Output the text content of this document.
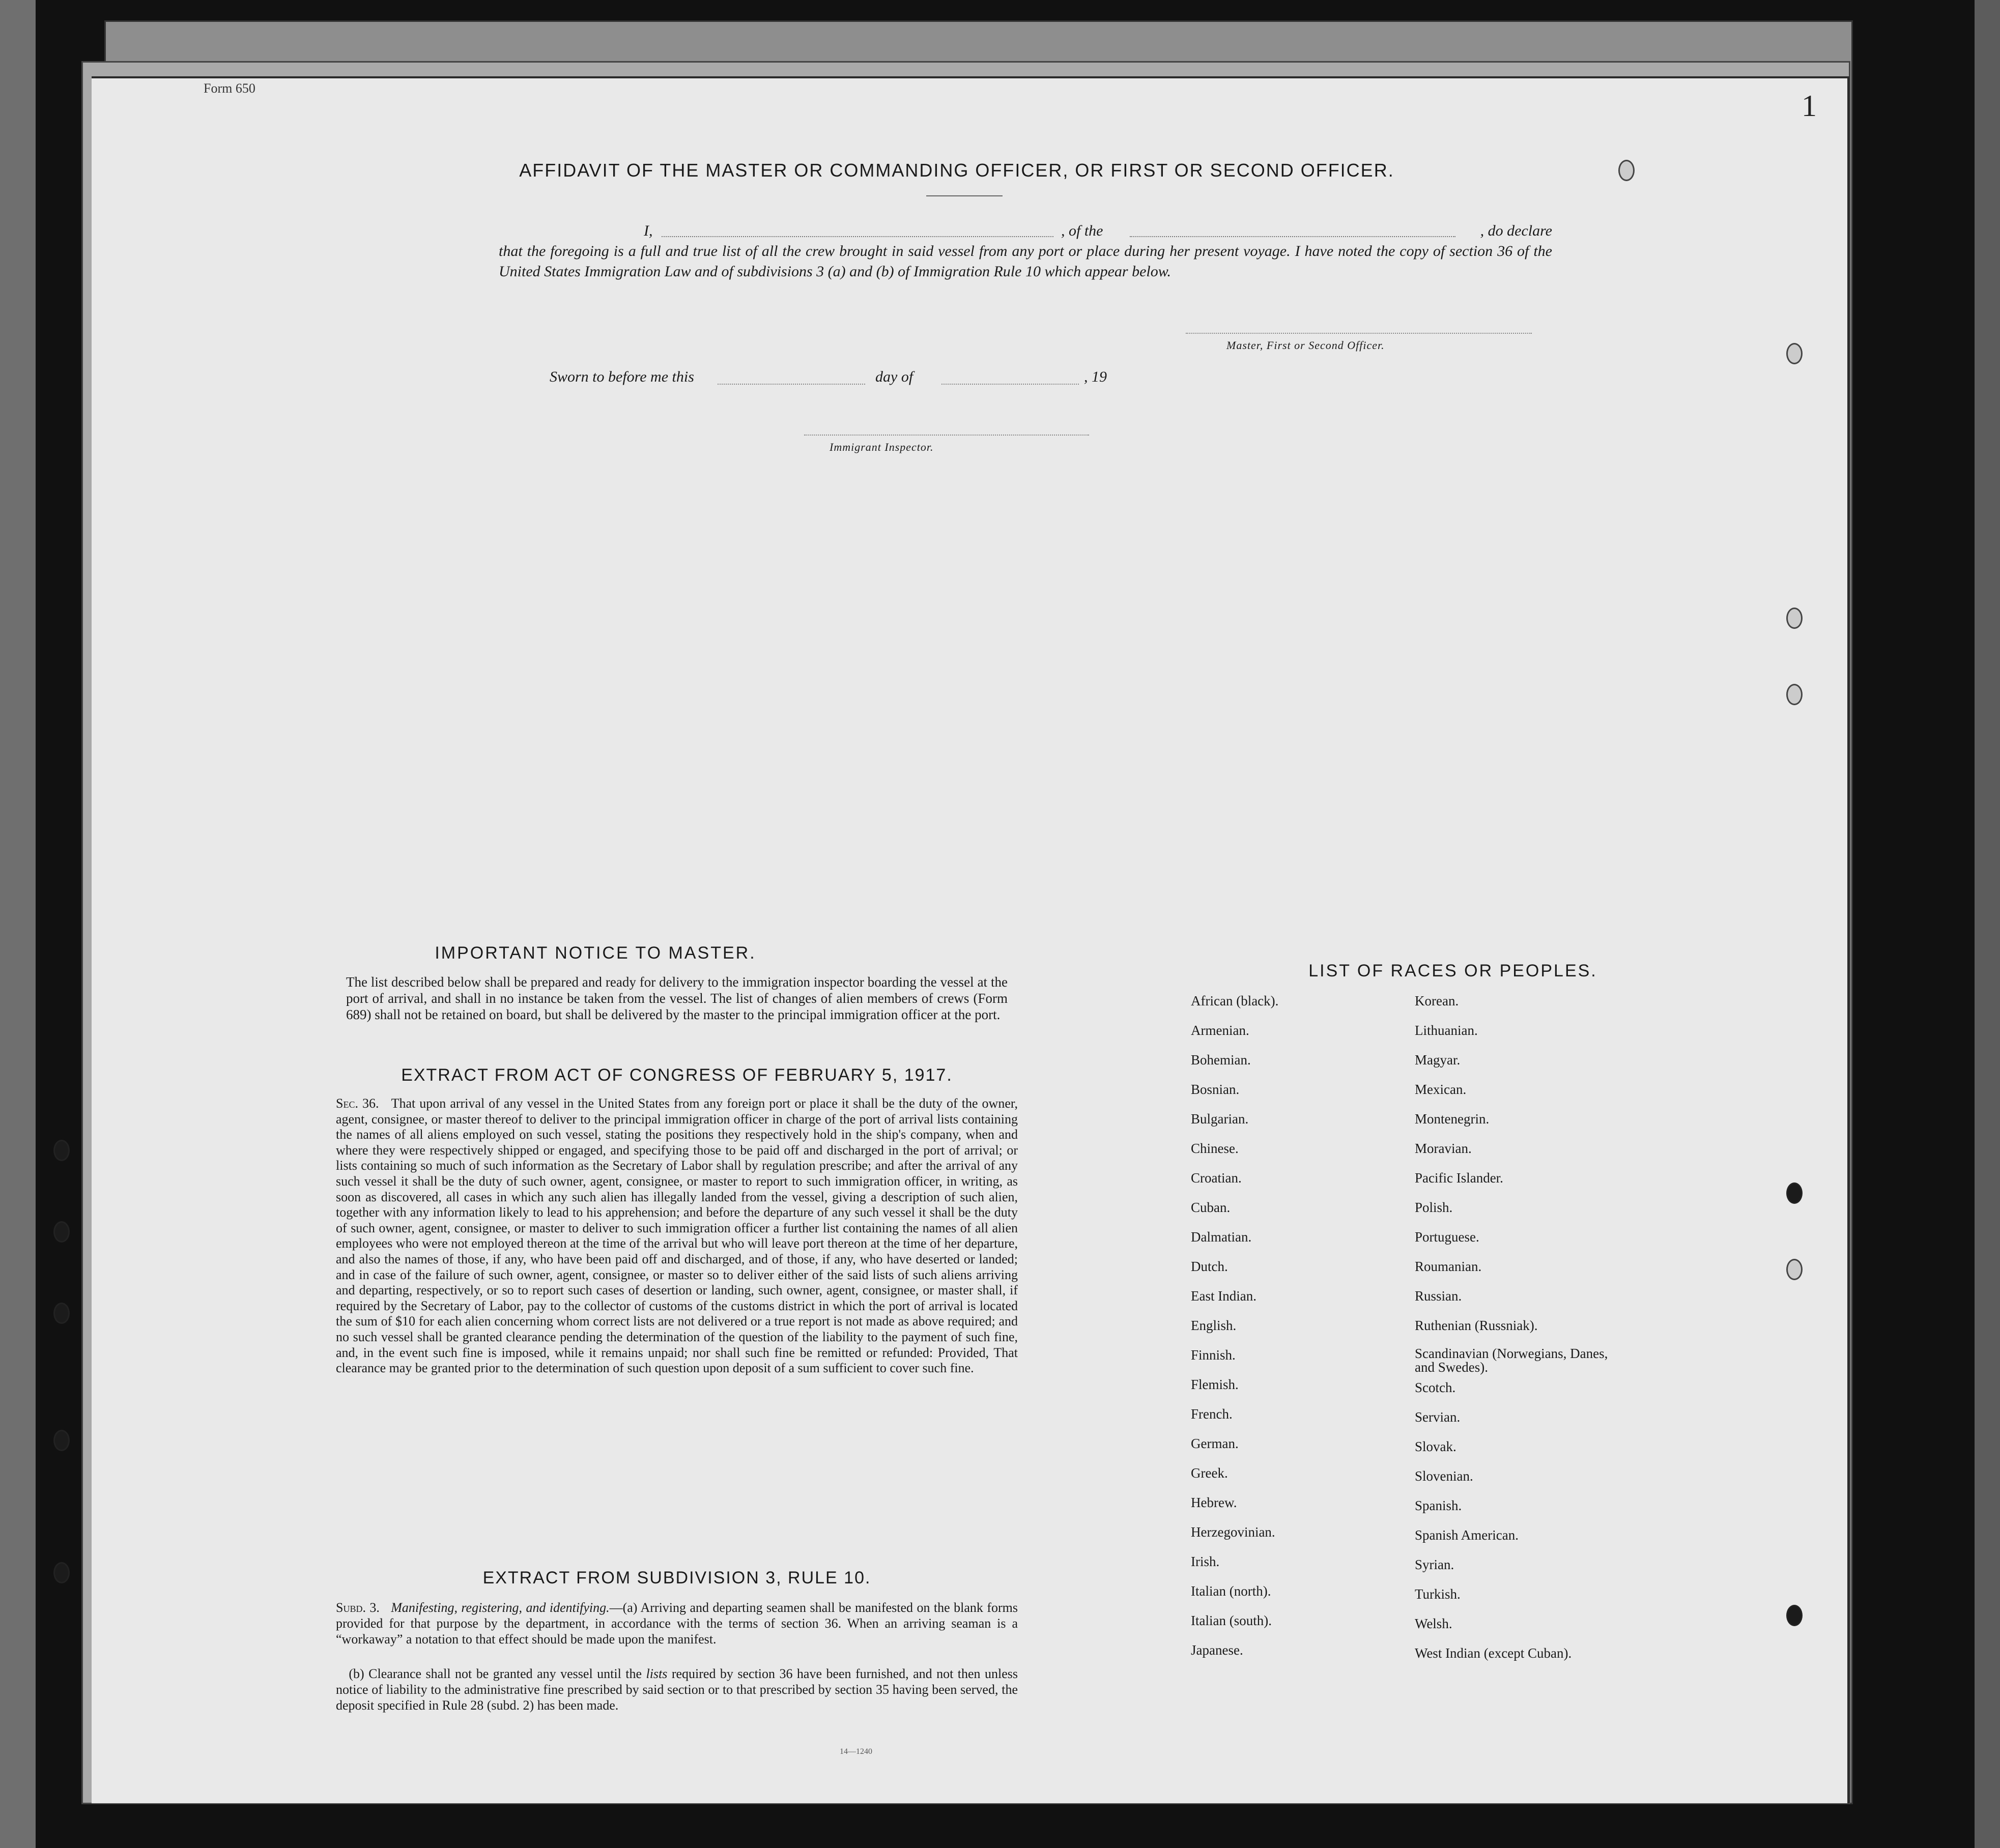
Form 650
1
AFFIDAVIT OF THE MASTER OR COMMANDING OFFICER, OR FIRST OR SECOND OFFICER.
I,	, of the	, do declare
that the foregoing is a full and true list of all the crew brought in said vessel from any port or place during her present voyage. I have noted the copy of section 36 of the United States Immigration Law and of subdivisions 3 (a) and (b) of Immigration Rule 10 which appear below.
Master, First or Second Officer.
Sworn to before me this	day of	, 19
Immigrant Inspector.
IMPORTANT NOTICE TO MASTER.
The list described below shall be prepared and ready for delivery to the immigration inspector boarding the vessel at the port of arrival, and shall in no instance be taken from the vessel. The list of changes of alien members of crews (Form 689) shall not be retained on board, but shall be delivered by the master to the principal immigration officer at the port.
EXTRACT FROM ACT OF CONGRESS OF FEBRUARY 5, 1917.
Sec. 36. That upon arrival of any vessel in the United States from any foreign port or place it shall be the duty of the owner, agent, consignee, or master thereof to deliver to the principal immigration officer in charge of the port of arrival lists containing the names of all aliens employed on such vessel, stating the positions they respectively hold in the ship's company, when and where they were respectively shipped or engaged, and specifying those to be paid off and discharged in the port of arrival; or lists containing so much of such information as the Secretary of Labor shall by regulation prescribe; and after the arrival of any such vessel it shall be the duty of such owner, agent, consignee, or master to report to such immigration officer, in writing, as soon as discovered, all cases in which any such alien has illegally landed from the vessel, giving a description of such alien, together with any information likely to lead to his apprehension; and before the departure of any such vessel it shall be the duty of such owner, agent, consignee, or master to deliver to such immigration officer a further list containing the names of all alien employees who were not employed thereon at the time of the arrival but who will leave port thereon at the time of her departure, and also the names of those, if any, who have been paid off and discharged, and of those, if any, who have deserted or landed; and in case of the failure of such owner, agent, consignee, or master so to deliver either of the said lists of such aliens arriving and departing, respectively, or so to report such cases of desertion or landing, such owner, agent, consignee, or master shall, if required by the Secretary of Labor, pay to the collector of customs of the customs district in which the port of arrival is located the sum of $10 for each alien concerning whom correct lists are not delivered or a true report is not made as above required; and no such vessel shall be granted clearance pending the determination of the question of the liability to the payment of such fine, and, in the event such fine is imposed, while it remains unpaid; nor shall such fine be remitted or refunded: Provided, That clearance may be granted prior to the determination of such question upon deposit of a sum sufficient to cover such fine.
EXTRACT FROM SUBDIVISION 3, RULE 10.
Subd. 3. Manifesting, registering, and identifying.—(a) Arriving and departing seamen shall be manifested on the blank forms provided for that purpose by the department, in accordance with the terms of section 36. When an arriving seaman is a “workaway” a notation to that effect should be made upon the manifest.
(b) Clearance shall not be granted any vessel until the lists required by section 36 have been furnished, and not then unless notice of liability to the administrative fine prescribed by said section or to that prescribed by section 35 having been served, the deposit specified in Rule 28 (subd. 2) has been made.
14—1240
LIST OF RACES OR PEOPLES.
African (black).
Armenian.
Bohemian.
Bosnian.
Bulgarian.
Chinese.
Croatian.
Cuban.
Dalmatian.
Dutch.
East Indian.
English.
Finnish.
Flemish.
French.
German.
Greek.
Hebrew.
Herzegovinian.
Irish.
Italian (north).
Italian (south).
Japanese.
Korean.
Lithuanian.
Magyar.
Mexican.
Montenegrin.
Moravian.
Pacific Islander.
Polish.
Portuguese.
Roumanian.
Russian.
Ruthenian (Russniak).
Scandinavian (Norwegians, Danes, and Swedes).
Scotch.
Servian.
Slovak.
Slovenian.
Spanish.
Spanish American.
Syrian.
Turkish.
Welsh.
West Indian (except Cuban).
